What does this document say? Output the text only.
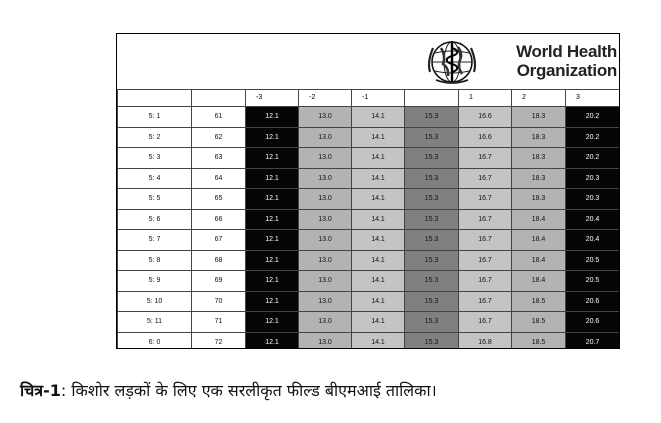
World Health
Organization
		-3	-2	-1		1	2	3
5: 1	61	12.1	13.0	14.1	15.3	16.6	18.3	20.2
5: 2	62	12.1	13.0	14.1	15.3	16.6	18.3	20.2
5: 3	63	12.1	13.0	14.1	15.3	16.7	18.3	20.2
5: 4	64	12.1	13.0	14.1	15.3	16.7	18.3	20.3
5: 5	65	12.1	13.0	14.1	15.3	16.7	18.3	20.3
5: 6	66	12.1	13.0	14.1	15.3	16.7	18.4	20.4
5: 7	67	12.1	13.0	14.1	15.3	16.7	18.4	20.4
5: 8	68	12.1	13.0	14.1	15.3	16.7	18.4	20.5
5: 9	69	12.1	13.0	14.1	15.3	16.7	18.4	20.5
5: 10	70	12.1	13.0	14.1	15.3	16.7	18.5	20.6
5: 11	71	12.1	13.0	14.1	15.3	16.7	18.5	20.6
6: 0	72	12.1	13.0	14.1	15.3	16.8	18.5	20.7
चित्र-1: किशोर लड़कों के लिए एक सरलीकृत फील्ड बीएमआई तालिका।
